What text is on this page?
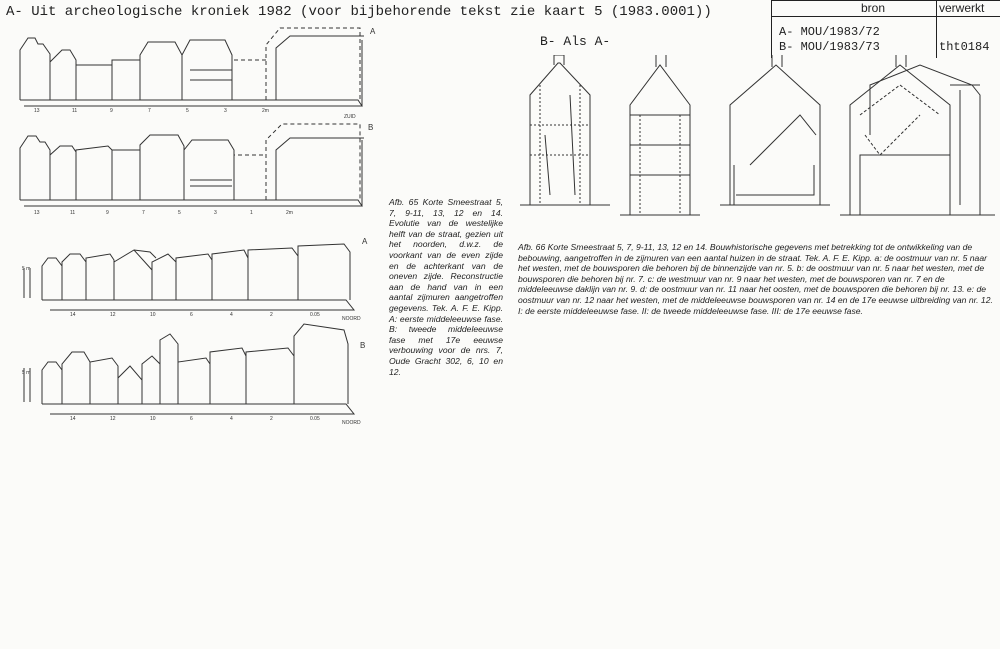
A- Uit archeologische kroniek 1982 (voor bijbehorende tekst zie kaart 5 (1983.0001))
B- Als A-
bron	verwerkt
A- MOU/1983/72
B- MOU/1983/73	tht0184
A
B
A
B
ZUID
NOORD
NOORD
13	11	9	7	5	3	2m
13	11	9	7	5	3	1	2m
14	12	10	6	4	2	0.05
5 m
14	12	10	6	4	2	0.05
5 m
Afb. 65 Korte Smeestraat 5, 7, 9-11, 13, 12 en 14. Evolutie van de westelijke helft van de straat, gezien uit het noorden, d.w.z. de voorkant van de even zijde en de achterkant van de oneven zijde. Reconstructie aan de hand van in een aantal zijmuren aangetroffen gegevens. Tek. A. F. E. Kipp. A: eerste middeleeuwse fase. B: tweede middeleeuwse fase met 17e eeuwse verbouwing voor de nrs. 7, Oude Gracht 302, 6, 10 en 12.
Afb. 66 Korte Smeestraat 5, 7, 9-11, 13, 12 en 14. Bouwhistorische gegevens met betrekking tot de ontwikkeling van de bebouwing, aangetroffen in de zijmuren van een aantal huizen in de straat. Tek. A. F. E. Kipp. a: de oostmuur van nr. 5 naar het westen, met de bouwsporen die behoren bij de binnenzijde van nr. 5. b: de oostmuur van nr. 5 naar het westen, met de bouwsporen die behoren bij nr. 7. c: de westmuur van nr. 9 naar het westen, met de bouwsporen van nr. 7 en de middeleeuwse daklijn van nr. 9. d: de oostmuur van nr. 11 naar het oosten, met de bouwsporen die behoren bij nr. 13. e: de oostmuur van nr. 12 naar het westen, met de middeleeuwse bouwsporen van nr. 14 en de 17e eeuwse uitbreiding van nr. 12. I: de eerste middeleeuwse fase. II: de tweede middeleeuwse fase. III: de 17e eeuwse fase.
